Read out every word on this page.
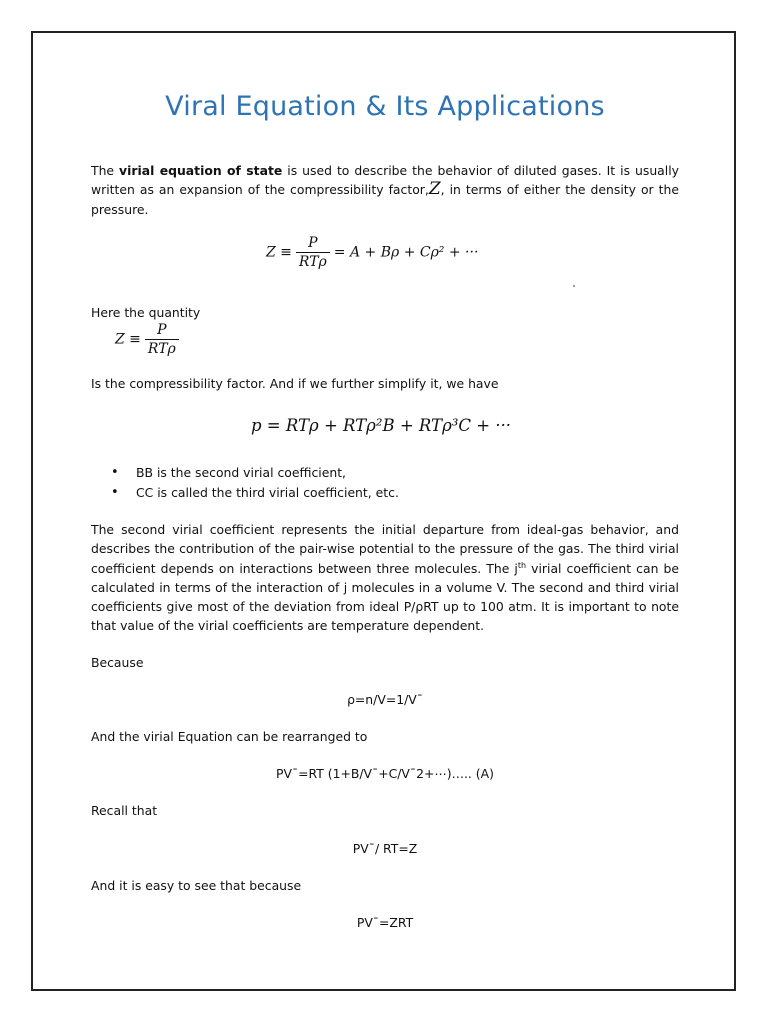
Viral Equation & Its Applications

The virial equation of state is used to describe the behavior of diluted gases. It is usually written as an expansion of the compressibility factor,Z, in terms of either the density or the pressure.

$Z \equiv \frac{P}{\text{RTρ}} = A + B\rho + C\rho^2$ + ···
Here the quantity
$Z \equiv \frac{P}{\text{RTρ}}$
Is the compressibility factor. And if we further simplify it, we have
p = RTρ + RTρ²B + RTρ³C + ···
• BB is the second virial coefficient,
• CC is called the third virial coefficient, etc.

The second virial coefficient represents the initial departure from ideal-gas behavior, and describes the contribution of the pair-wise potential to the pressure of the gas. The third virial coefficient depends on interactions between three molecules. The $j^{th}$ virial coefficient can be calculated in terms of the interaction of j molecules in a volume V. The second and third virial coefficients give most of the deviation from ideal P/ρRT up to 100 atm. It is important to note that value of the virial coefficients are temperature dependent.

Because
ρ=n/V=1/V¯
And the virial Equation can be rearranged to
PV¯=RT (1+B/V¯+C/V¯2+⋯)….. (A)
Recall that
PV¯/ RT=Z
And it is easy to see that because
PV¯=ZRT
